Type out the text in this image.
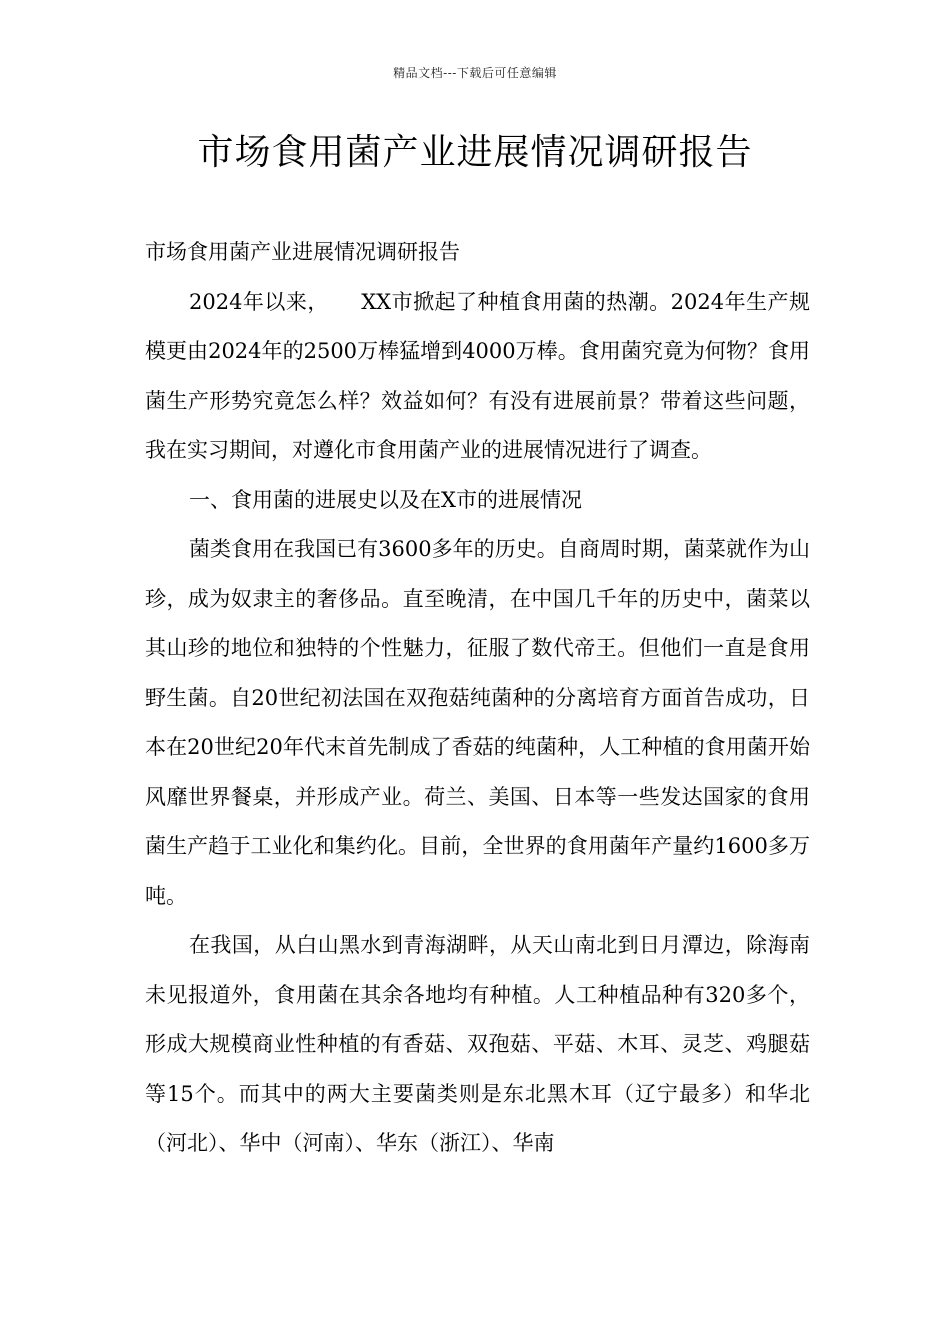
精品文档---下载后可任意编辑
市场食用菌产业进展情况调研报告

市场食用菌产业进展情况调研报告

2024年以来，　　XX市掀起了种植食用菌的热潮。2024年生产规模更由2024年的2500万棒猛增到4000万棒。食用菌究竟为何物？食用菌生产形势究竟怎么样？效益如何？有没有进展前景？带着这些问题，我在实习期间，对遵化市食用菌产业的进展情况进行了调查。

一、食用菌的进展史以及在X市的进展情况

菌类食用在我国已有3600多年的历史。自商周时期，菌菜就作为山珍，成为奴隶主的奢侈品。直至晚清，在中国几千年的历史中，菌菜以其山珍的地位和独特的个性魅力，征服了数代帝王。但他们一直是食用野生菌。自20世纪初法国在双孢菇纯菌种的分离培育方面首告成功，日本在20世纪20年代末首先制成了香菇的纯菌种，人工种植的食用菌开始风靡世界餐桌，并形成产业。荷兰、美国、日本等一些发达国家的食用菌生产趋于工业化和集约化。目前，全世界的食用菌年产量约1600多万吨。

在我国，从白山黑水到青海湖畔，从天山南北到日月潭边，除海南未见报道外，食用菌在其余各地均有种植。人工种植品种有320多个，形成大规模商业性种植的有香菇、双孢菇、平菇、木耳、灵芝、鸡腿菇等15个。而其中的两大主要菌类则是东北黑木耳（辽宁最多）和华北（河北）、华中（河南）、华东（浙江）、华南
